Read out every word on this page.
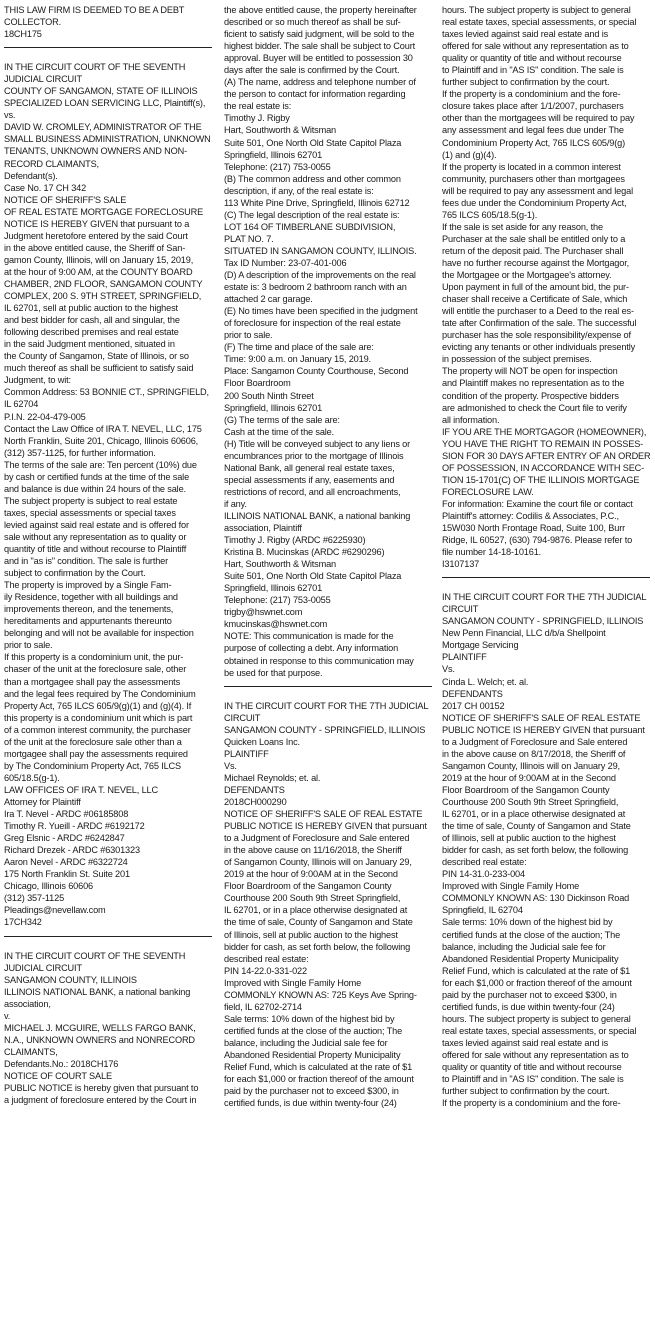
THIS LAW FIRM IS DEEMED TO BE A DEBT
COLLECTOR.
18CH175
IN THE CIRCUIT COURT OF THE SEVENTH
JUDICIAL CIRCUIT
COUNTY OF SANGAMON, STATE OF ILLINOIS
SPECIALIZED LOAN SERVICING LLC, Plaintiff(s),
vs.
DAVID W. CROMLEY, ADMINISTRATOR OF THE
SMALL BUSINESS ADMINISTRATION, UNKNOWN
TENANTS, UNKNOWN OWNERS AND NON-
RECORD CLAIMANTS,
Defendant(s).
Case No. 17 CH 342
NOTICE OF SHERIFF'S SALE
OF REAL ESTATE MORTGAGE FORECLOSURE
NOTICE IS HEREBY GIVEN that pursuant to a
Judgment heretofore entered by the said Court
in the above entitled cause, the Sheriff of San-
gamon County, Illinois, will on January 15, 2019,
at the hour of 9:00 AM, at the COUNTY BOARD
CHAMBER, 2ND FLOOR, SANGAMON COUNTY
COMPLEX, 200 S. 9TH STREET, SPRINGFIELD,
IL 62701, sell at public auction to the highest
and best bidder for cash, all and singular, the
following described premises and real estate
in the said Judgment mentioned, situated in
the County of Sangamon, State of Illinois, or so
much thereof as shall be sufficient to satisfy said
Judgment, to wit:
Common Address: 53 BONNIE CT., SPRINGFIELD,
IL 62704
P.I.N. 22-04-479-005
Contact the Law Office of IRA T. NEVEL, LLC, 175
North Franklin, Suite 201, Chicago, Illinois 60606,
(312) 357-1125, for further information.
The terms of the sale are: Ten percent (10%) due
by cash or certified funds at the time of the sale
and balance is due within 24 hours of the sale.
The subject property is subject to real estate
taxes, special assessments or special taxes
levied against said real estate and is offered for
sale without any representation as to quality or
quantity of title and without recourse to Plaintiff
and in "as is" condition. The sale is further
subject to confirmation by the Court.
The property is improved by a Single Fam-
ily Residence, together with all buildings and
improvements thereon, and the tenements,
hereditaments and appurtenants thereunto
belonging and will not be available for inspection
prior to sale.
If this property is a condominium unit, the pur-
chaser of the unit at the foreclosure sale, other
than a mortgagee shall pay the assessments
and the legal fees required by The Condominium
Property Act, 765 ILCS 605/9(g)(1) and (g)(4). If
this property is a condominium unit which is part
of a common interest community, the purchaser
of the unit at the foreclosure sale other than a
mortgagee shall pay the assessments required
by The Condominium Property Act, 765 ILCS
605/18.5(g-1).
LAW OFFICES OF IRA T. NEVEL, LLC
Attorney for Plaintiff
Ira T. Nevel - ARDC #06185808
Timothy R. Yueill - ARDC #6192172
Greg Elsnic - ARDC #6242847
Richard Drezek - ARDC #6301323
Aaron Nevel - ARDC #6322724
175 North Franklin St. Suite 201
Chicago, Illinois 60606
(312) 357-1125
Pleadings@nevellaw.com
17CH342
IN THE CIRCUIT COURT OF THE SEVENTH
JUDICIAL CIRCUIT
SANGAMON COUNTY, ILLINOIS
ILLINOIS NATIONAL BANK, a national banking
association,
v.
MICHAEL J. MCGUIRE, WELLS FARGO BANK,
N.A., UNKNOWN OWNERS and NONRECORD
CLAIMANTS,
Defendants.No.: 2018CH176
NOTICE OF COURT SALE
PUBLIC NOTICE is hereby given that pursuant to
a judgment of foreclosure entered by the Court in
the above entitled cause, the property hereinafter
described or so much thereof as shall be suf-
ficient to satisfy said judgment, will be sold to the
highest bidder. The sale shall be subject to Court
approval. Buyer will be entitled to possession 30
days after the sale is confirmed by the Court.
(A) The name, address and telephone number of
the person to contact for information regarding
the real estate is:
Timothy J. Rigby
Hart, Southworth & Witsman
Suite 501, One North Old State Capitol Plaza
Springfield, Illinois 62701
Telephone: (217) 753-0055
(B) The common address and other common
description, if any, of the real estate is:
113 White Pine Drive, Springfield, Illinois 62712
(C) The legal description of the real estate is:
LOT 164 OF TIMBERLANE SUBDIVISION,
PLAT NO. 7.
SITUATED IN SANGAMON COUNTY, ILLINOIS.
Tax ID Number: 23-07-401-006
(D) A description of the improvements on the real
estate is: 3 bedroom 2 bathroom ranch with an
attached 2 car garage.
(E) No times have been specified in the judgment
of foreclosure for inspection of the real estate
prior to sale.
(F) The time and place of the sale are:
Time: 9:00 a.m. on January 15, 2019.
Place: Sangamon County Courthouse, Second
Floor Boardroom
200 South Ninth Street
Springfield, Illinois 62701
(G) The terms of the sale are:
Cash at the time of the sale.
(H) Title will be conveyed subject to any liens or
encumbrances prior to the mortgage of Illinois
National Bank, all general real estate taxes,
special assessments if any, easements and
restrictions of record, and all encroachments,
if any.
ILLINOIS NATIONAL BANK, a national banking
association, Plaintiff
Timothy J. Rigby (ARDC #6225930)
Kristina B. Mucinskas (ARDC #6290296)
Hart, Southworth & Witsman
Suite 501, One North Old State Capitol Plaza
Springfield, Illinois 62701
Telephone: (217) 753-0055
trigby@hswnet.com
kmucinskas@hswnet.com
NOTE: This communication is made for the
purpose of collecting a debt. Any information
obtained in response to this communication may
be used for that purpose.
IN THE CIRCUIT COURT FOR THE 7TH JUDICIAL
CIRCUIT
SANGAMON COUNTY - SPRINGFIELD, ILLINOIS
Quicken Loans Inc.
PLAINTIFF
Vs.
Michael Reynolds; et. al.
DEFENDANTS
2018CH000290
NOTICE OF SHERIFF'S SALE OF REAL ESTATE
PUBLIC NOTICE IS HEREBY GIVEN that pursuant
to a Judgment of Foreclosure and Sale entered
in the above cause on 11/16/2018, the Sheriff
of Sangamon County, Illinois will on January 29,
2019 at the hour of 9:00AM at in the Second
Floor Boardroom of the Sangamon County
Courthouse 200 South 9th Street Springfield,
IL 62701, or in a place otherwise designated at
the time of sale, County of Sangamon and State
of Illinois, sell at public auction to the highest
bidder for cash, as set forth below, the following
described real estate:
PIN 14-22.0-331-022
Improved with Single Family Home
COMMONLY KNOWN AS: 725 Keys Ave Spring-
field, IL 62702-2714
Sale terms: 10% down of the highest bid by
certified funds at the close of the auction; The
balance, including the Judicial sale fee for
Abandoned Residential Property Municipality
Relief Fund, which is calculated at the rate of $1
for each $1,000 or fraction thereof of the amount
paid by the purchaser not to exceed $300, in
certified funds, is due within twenty-four (24)
hours. The subject property is subject to general
real estate taxes, special assessments, or special
taxes levied against said real estate and is
offered for sale without any representation as to
quality or quantity of title and without recourse
to Plaintiff and in "AS IS" condition. The sale is
further subject to confirmation by the court.
If the property is a condominium and the fore-
closure takes place after 1/1/2007, purchasers
other than the mortgagees will be required to pay
any assessment and legal fees due under The
Condominium Property Act, 765 ILCS 605/9(g)
(1) and (g)(4).
If the property is located in a common interest
community, purchasers other than mortgagees
will be required to pay any assessment and legal
fees due under the Condominium Property Act,
765 ILCS 605/18.5(g-1).
If the sale is set aside for any reason, the
Purchaser at the sale shall be entitled only to a
return of the deposit paid. The Purchaser shall
have no further recourse against the Mortgagor,
the Mortgagee or the Mortgagee's attorney.
Upon payment in full of the amount bid, the pur-
chaser shall receive a Certificate of Sale, which
will entitle the purchaser to a Deed to the real es-
tate after Confirmation of the sale. The successful
purchaser has the sole responsibility/expense of
evicting any tenants or other individuals presently
in possession of the subject premises.
The property will NOT be open for inspection
and Plaintiff makes no representation as to the
condition of the property. Prospective bidders
are admonished to check the Court file to verify
all information.
IF YOU ARE THE MORTGAGOR (HOMEOWNER),
YOU HAVE THE RIGHT TO REMAIN IN POSSES-
SION FOR 30 DAYS AFTER ENTRY OF AN ORDER
OF POSSESSION, IN ACCORDANCE WITH SEC-
TION 15-1701(C) OF THE ILLINOIS MORTGAGE
FORECLOSURE LAW.
For information: Examine the court file or contact
Plaintiff's attorney: Codilis & Associates, P.C.,
15W030 North Frontage Road, Suite 100, Burr
Ridge, IL 60527, (630) 794-9876. Please refer to
file number 14-18-10161.
I3107137
IN THE CIRCUIT COURT FOR THE 7TH JUDICIAL
CIRCUIT
SANGAMON COUNTY - SPRINGFIELD, ILLINOIS
New Penn Financial, LLC d/b/a Shellpoint
Mortgage Servicing
PLAINTIFF
Vs.
Cinda L. Welch; et. al.
DEFENDANTS
2017 CH 00152
NOTICE OF SHERIFF'S SALE OF REAL ESTATE
PUBLIC NOTICE IS HEREBY GIVEN that pursuant
to a Judgment of Foreclosure and Sale entered
in the above cause on 8/17/2018, the Sheriff of
Sangamon County, Illinois will on January 29,
2019 at the hour of 9:00AM at in the Second
Floor Boardroom of the Sangamon County
Courthouse 200 South 9th Street Springfield,
IL 62701, or in a place otherwise designated at
the time of sale, County of Sangamon and State
of Illinois, sell at public auction to the highest
bidder for cash, as set forth below, the following
described real estate:
PIN 14-31.0-233-004
Improved with Single Family Home
COMMONLY KNOWN AS: 130 Dickinson Road
Springfield, IL 62704
Sale terms: 10% down of the highest bid by
certified funds at the close of the auction; The
balance, including the Judicial sale fee for
Abandoned Residential Property Municipality
Relief Fund, which is calculated at the rate of $1
for each $1,000 or fraction thereof of the amount
paid by the purchaser not to exceed $300, in
certified funds, is due within twenty-four (24)
hours. The subject property is subject to general
real estate taxes, special assessments, or special
taxes levied against said real estate and is
offered for sale without any representation as to
quality or quantity of title and without recourse
to Plaintiff and in "AS IS" condition. The sale is
further subject to confirmation by the court.
If the property is a condominium and the fore-
